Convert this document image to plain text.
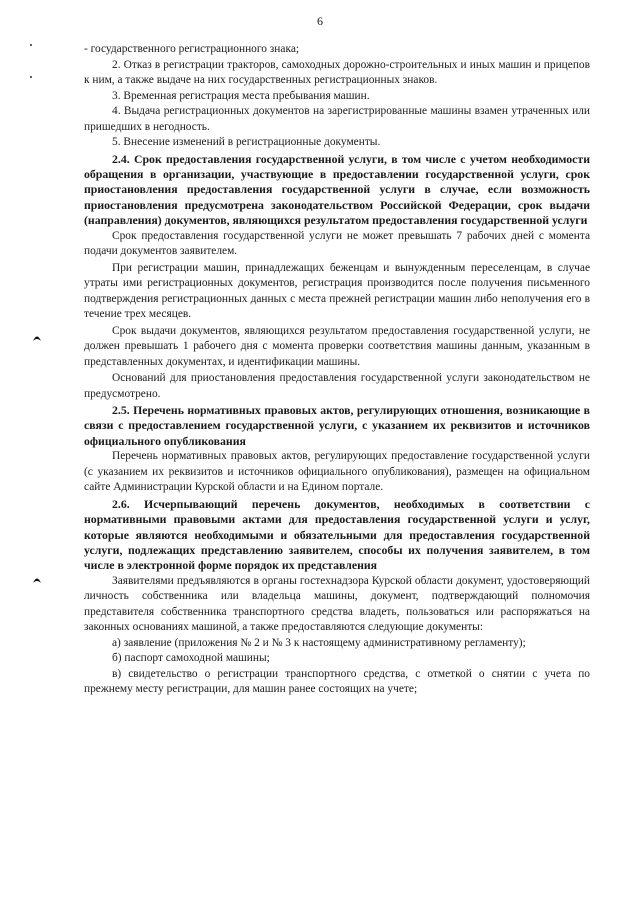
6

- государственного регистрационного знака;

2. Отказ в регистрации тракторов, самоходных дорожно-строительных и иных машин и прицепов к ним, а также выдаче на них государственных регистрационных знаков.

3. Временная регистрация места пребывания машин.

4. Выдача регистрационных документов на зарегистрированные машины взамен утраченных или пришедших в негодность.

5. Внесение изменений в регистрационные документы.

2.4. Срок предоставления государственной услуги, в том числе с учетом необходимости обращения в организации, участвующие в предоставлении государственной услуги, срок приостановления предоставления государственной услуги в случае, если возможность приостановления предусмотрена законодательством Российской Федерации, срок выдачи (направления) документов, являющихся результатом предоставления государственной услуги

Срок предоставления государственной услуги не может превышать 7 рабочих дней с момента подачи документов заявителем.

При регистрации машин, принадлежащих беженцам и вынужденным переселенцам, в случае утраты ими регистрационных документов, регистрация производится после получения письменного подтверждения регистрационных данных с места прежней регистрации машин либо неполучения его в течение трех месяцев.

Срок выдачи документов, являющихся результатом предоставления государственной услуги, не должен превышать 1 рабочего дня с момента проверки соответствия машины данным, указанным в представленных документах, и идентификации машины.

Оснований для приостановления предоставления государственной услуги законодательством не предусмотрено.

2.5. Перечень нормативных правовых актов, регулирующих отношения, возникающие в связи с предоставлением государственной услуги, с указанием их реквизитов и источников официального опубликования

Перечень нормативных правовых актов, регулирующих предоставление государственной услуги (с указанием их реквизитов и источников официального опубликования), размещен на официальном сайте Администрации Курской области и на Едином портале.

2.6. Исчерпывающий перечень документов, необходимых в соответствии с нормативными правовыми актами для предоставления государственной услуги и услуг, которые являются необходимыми и обязательными для предоставления государственной услуги, подлежащих представлению заявителем, способы их получения заявителем, в том числе в электронной форме порядок их представления

Заявителями предъявляются в органы гостехнадзора Курской области документ, удостоверяющий личность собственника или владельца машины, документ, подтверждающий полномочия представителя собственника транспортного средства владеть, пользоваться или распоряжаться на законных основаниях машиной, а также предоставляются следующие документы:

а) заявление (приложения № 2 и № 3 к настоящему административному регламенту);

б) паспорт самоходной машины;

в) свидетельство о регистрации транспортного средства, с отметкой о снятии с учета по прежнему месту регистрации, для машин ранее состоящих на учете;
